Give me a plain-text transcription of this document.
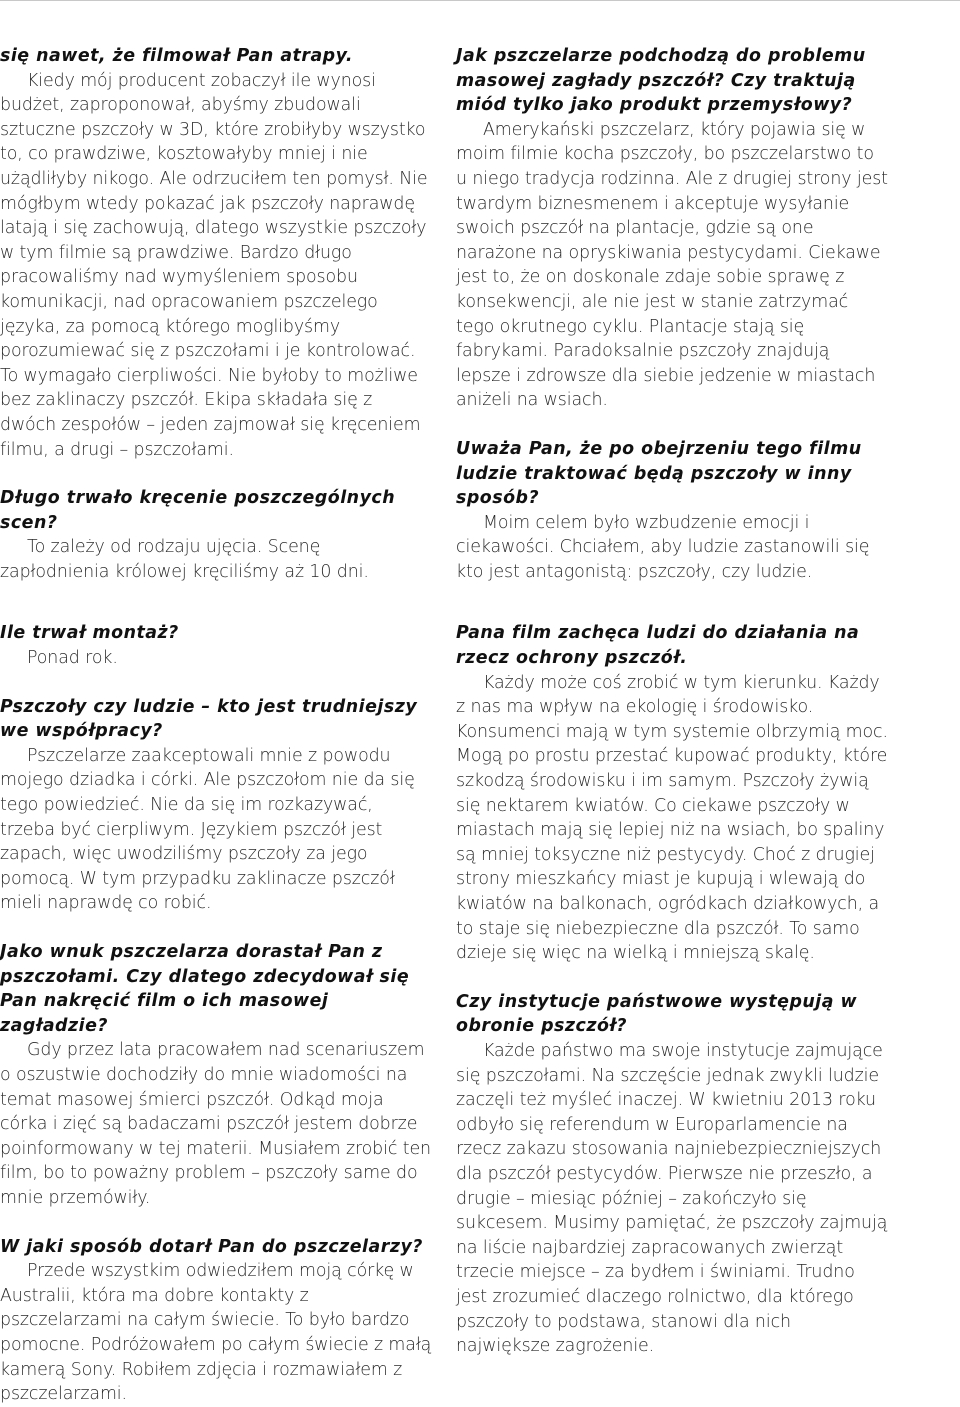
się nawet, że filmował Pan atrapy.
Kiedy mój producent zobaczył ile wynosi budżet, zaproponował, abyśmy zbudowali sztuczne pszczoły w 3D, które zrobiłyby wszystko to, co prawdziwe, kosztowałyby mniej i nie użądliłyby nikogo. Ale odrzuciłem ten pomysł. Nie mógłbym wtedy pokazać jak pszczoły naprawdę latają i się zachowują, dlatego wszystkie pszczoły w tym filmie są prawdziwe. Bardzo długo pracowaliśmy nad wymyśleniem sposobu komunikacji, nad opracowaniem pszczelego języka, za pomocą którego moglibyśmy porozumiewać się z pszczołami i je kontrolować. To wymagało cierpliwości. Nie byłoby to możliwe bez zaklinaczy pszczół. Ekipa składała się z dwóch zespołów – jeden zajmował się kręceniem filmu, a drugi – pszczołami.
Długo trwało kręcenie poszczególnych scen?
To zależy od rodzaju ujęcia. Scenę zapłodnienia królowej kręciliśmy aż 10 dni.
Ile trwał montaż?
Ponad rok.
Pszczoły czy ludzie – kto jest trudniejszy we współpracy?
Pszczelarze zaakceptowali mnie z powodu mojego dziadka i córki. Ale pszczołom nie da się tego powiedzieć. Nie da się im rozkazywać, trzeba być cierpliwym. Językiem pszczół jest zapach, więc uwodziliśmy pszczoły za jego pomocą. W tym przypadku zaklinacze pszczół mieli naprawdę co robić.
Jako wnuk pszczelarza dorastał Pan z pszczołami. Czy dlatego zdecydował się Pan nakręcić film o ich masowej zagładzie?
Gdy przez lata pracowałem nad scenariuszem o oszustwie dochodziły do mnie wiadomości na temat masowej śmierci pszczół. Odkąd moja córka i zięć są badaczami pszczół jestem dobrze poinformowany w tej materii. Musiałem zrobić ten film, bo to poważny problem – pszczoły same do mnie przemówiły.
W jaki sposób dotarł Pan do pszczelarzy?
Przede wszystkim odwiedziłem moją córkę w Australii, która ma dobre kontakty z pszczelarzami na całym świecie. To było bardzo pomocne. Podróżowałem po całym świecie z małą kamerą Sony. Robiłem zdjęcia i rozmawiałem z pszczelarzami.
Jak pszczelarze podchodzą do problemu masowej zagłady pszczół? Czy traktują miód tylko jako produkt przemysłowy?
Amerykański pszczelarz, który pojawia się w moim filmie kocha pszczoły, bo pszczelarstwo to u niego tradycja rodzinna. Ale z drugiej strony jest twardym biznesmenem i akceptuje wysyłanie swoich pszczół na plantacje, gdzie są one narażone na opryskiwania pestycydami. Ciekawe jest to, że on doskonale zdaje sobie sprawę z konsekwencji, ale nie jest w stanie zatrzymać tego okrutnego cyklu. Plantacje stają się fabrykami. Paradoksalnie pszczoły znajdują lepsze i zdrowsze dla siebie jedzenie w miastach aniżeli na wsiach.
Uważa Pan, że po obejrzeniu tego filmu ludzie traktować będą pszczoły w inny sposób?
Moim celem było wzbudzenie emocji i ciekawości. Chciałem, aby ludzie zastanowili się kto jest antagonistą: pszczoły, czy ludzie.
Pana film zachęca ludzi do działania na rzecz ochrony pszczół.
Każdy może coś zrobić w tym kierunku. Każdy z nas ma wpływ na ekologię i środowisko. Konsumenci mają w tym systemie olbrzymią moc. Mogą po prostu przestać kupować produkty, które szkodzą środowisku i im samym. Pszczoły żywią się nektarem kwiatów. Co ciekawe pszczoły w miastach mają się lepiej niż na wsiach, bo spaliny są mniej toksyczne niż pestycydy. Choć z drugiej strony mieszkańcy miast je kupują i wlewają do kwiatów na balkonach, ogródkach działkowych, a to staje się niebezpieczne dla pszczół. To samo dzieje się więc na wielką i mniejszą skalę.
Czy instytucje państwowe występują w obronie pszczół?
Każde państwo ma swoje instytucje zajmujące się pszczołami. Na szczęście jednak zwykli ludzie zaczęli też myśleć inaczej. W kwietniu 2013 roku odbyło się referendum w Europarlamencie na rzecz zakazu stosowania najniebezpieczniejszych dla pszczół pestycydów. Pierwsze nie przeszło, a drugie – miesiąc później – zakończyło się sukcesem. Musimy pamiętać, że pszczoły zajmują na liście najbardziej zapracowanych zwierząt trzecie miejsce – za bydłem i świniami. Trudno jest zrozumieć dlaczego rolnictwo, dla którego pszczoły to podstawa, stanowi dla nich największe zagrożenie.
